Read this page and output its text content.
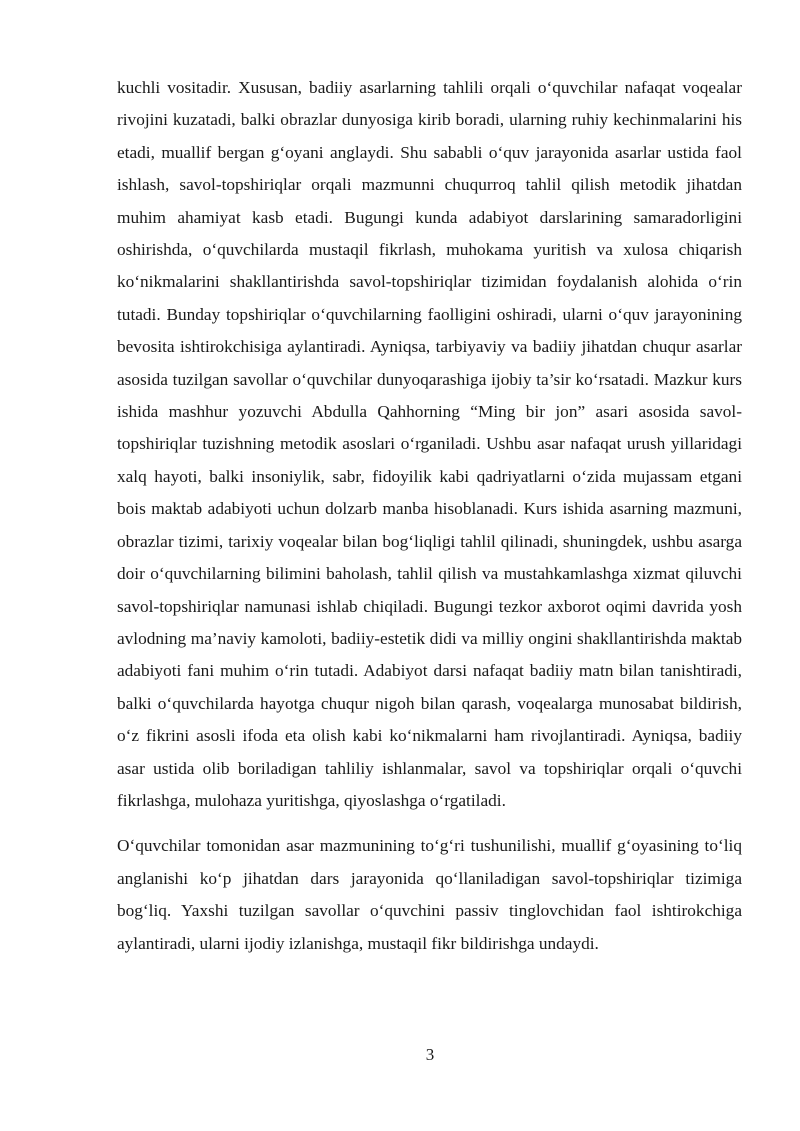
kuchli vositadir. Xususan, badiiy asarlarning tahlili orqali o‘quvchilar nafaqat voqealar rivojini kuzatadi, balki obrazlar dunyosiga kirib boradi, ularning ruhiy kechinmalarini his etadi, muallif bergan g‘oyani anglaydi. Shu sababli o‘quv jarayonida asarlar ustida faol ishlash, savol-topshiriqlar orqali mazmunni chuqurroq tahlil qilish metodik jihatdan muhim ahamiyat kasb etadi. Bugungi kunda adabiyot darslarining samaradorligini oshirishda, o‘quvchilarda mustaqil fikrlash, muhokama yuritish va xulosa chiqarish ko‘nikmalarini shakllantirishda savol-topshiriqlar tizimidan foydalanish alohida o‘rin tutadi. Bunday topshiriqlar o‘quvchilarning faolligini oshiradi, ularni o‘quv jarayonining bevosita ishtirokchisiga aylantiradi. Ayniqsa, tarbiyaviy va badiiy jihatdan chuqur asarlar asosida tuzilgan savollar o‘quvchilar dunyoqarashiga ijobiy ta’sir ko‘rsatadi. Mazkur kurs ishida mashhur yozuvchi Abdulla Qahhorning “Ming bir jon” asari asosida savol-topshiriqlar tuzishning metodik asoslari o‘rganiladi. Ushbu asar nafaqat urush yillaridagi xalq hayoti, balki insoniylik, sabr, fidoyilik kabi qadriyatlarni o‘zida mujassam etgani bois maktab adabiyoti uchun dolzarb manba hisoblanadi. Kurs ishida asarning mazmuni, obrazlar tizimi, tarixiy voqealar bilan bog‘liqligi tahlil qilinadi, shuningdek, ushbu asarga doir o‘quvchilarning bilimini baholash, tahlil qilish va mustahkamlashga xizmat qiluvchi savol-topshiriqlar namunasi ishlab chiqiladi. Bugungi tezkor axborot oqimi davrida yosh avlodning ma’naviy kamoloti, badiiy-estetik didi va milliy ongini shakllantirishda maktab adabiyoti fani muhim o‘rin tutadi. Adabiyot darsi nafaqat badiiy matn bilan tanishtiradi, balki o‘quvchilarda hayotga chuqur nigoh bilan qarash, voqealarga munosabat bildirish, o‘z fikrini asosli ifoda eta olish kabi ko‘nikmalarni ham rivojlantiradi. Ayniqsa, badiiy asar ustida olib boriladigan tahliliy ishlanmalar, savol va topshiriqlar orqali o‘quvchi fikrlashga, mulohaza yuritishga, qiyoslashga o‘rgatiladi.

O‘quvchilar tomonidan asar mazmunining to‘g‘ri tushunilishi, muallif g‘oyasining to‘liq anglanishi ko‘p jihatdan dars jarayonida qo‘llaniladigan savol-topshiriqlar tizimiga bog‘liq. Yaxshi tuzilgan savollar o‘quvchini passiv tinglovchidan faol ishtirokchiga aylantiradi, ularni ijodiy izlanishga, mustaqil fikr bildirishga undaydi.

3
